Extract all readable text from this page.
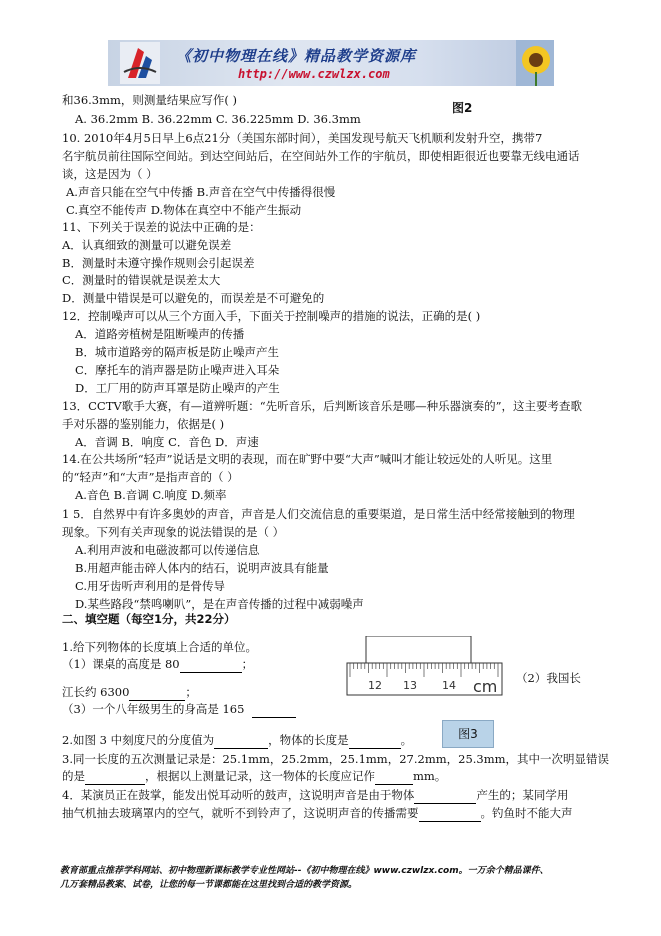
《初中物理在线》精品教学资源库
http://www.czwlzx.com
图2
和36.3mm，则测量结果应写作( )
A. 36.2mm B. 36.22mm C. 36.225mm D. 36.3mm
10. 2010年4月5日早上6点21分（美国东部时间），美国发现号航天飞机顺利发射升空，携带7
名宇航员前往国际空间站。到达空间站后，在空间站外工作的宇航员，即使相距很近也要靠无线电通话
谈，这是因为（ ）
A.声音只能在空气中传播 B.声音在空气中传播得很慢
C.真空不能传声 D.物体在真空中不能产生振动
11、下列关于误差的说法中正确的是：
A．认真细致的测量可以避免误差
B．测量时未遵守操作规则会引起误差
C．测量时的错误就是误差太大
D．测量中错误是可以避免的，而误差是不可避免的
12．控制噪声可以从三个方面入手，下面关于控制噪声的措施的说法，正确的是( )
A．道路旁植树是阻断噪声的传播
B．城市道路旁的隔声板是防止噪声产生
C．摩托车的消声器是防止噪声进入耳朵
D．工厂用的防声耳罩是防止噪声的产生
13．CCTV歌手大赛，有—道辨听题：“先听音乐，后判断该音乐是哪—种乐器演奏的”，这主要考查歌
手对乐器的鉴别能力，依据是( )
A．音调 B．响度 C．音色 D．声速
14.在公共场所“轻声”说话是文明的表现，而在旷野中要“大声”喊叫才能让较远处的人听见。这里
的“轻声”和“大声”是指声音的（ ）
A.音色 B.音调 C.响度 D.频率
1 5．自然界中有许多奥妙的声音，声音是人们交流信息的重要渠道，是日常生活中经常接触到的物理
现象。下列有关声现象的说法错误的是（ ）
A.利用声波和电磁波都可以传递信息
B.用超声能击碎人体内的结石，说明声波具有能量
C.用牙齿听声利用的是骨传导
D.某些路段“禁鸣喇叭”，是在声音传播的过程中减弱噪声
二、填空题（每空1分，共22分）
1.给下列物体的长度填上合适的单位。
（1）课桌的高度是 80	；
（2）我国长
江长约 6300	；
（3）一个八年级男生的身高是 165
12 13 14 cm
图3
2.如图 3 中刻度尺的分度值为	，物体的长度是	。
3.同一长度的五次测量记录是：25.1mm，25.2mm，25.1mm，27.2mm，25.3mm，其中一次明显错误
的是	，根据以上测量记录，这一物体的长度应记作	mm。
4．某演员正在鼓掌，能发出悦耳动听的鼓声，这说明声音是由于物体	产生的；某同学用
抽气机抽去玻璃罩内的空气，就听不到铃声了，这说明声音的传播需要	。钓鱼时不能大声
教育部重点推荐学科网站、初中物理新课标教学专业性网站--《初中物理在线》www.czwlzx.com。一万余个精品课件、
几万套精品教案、试卷，让您的每一节课都能在这里找到合适的教学资源。
